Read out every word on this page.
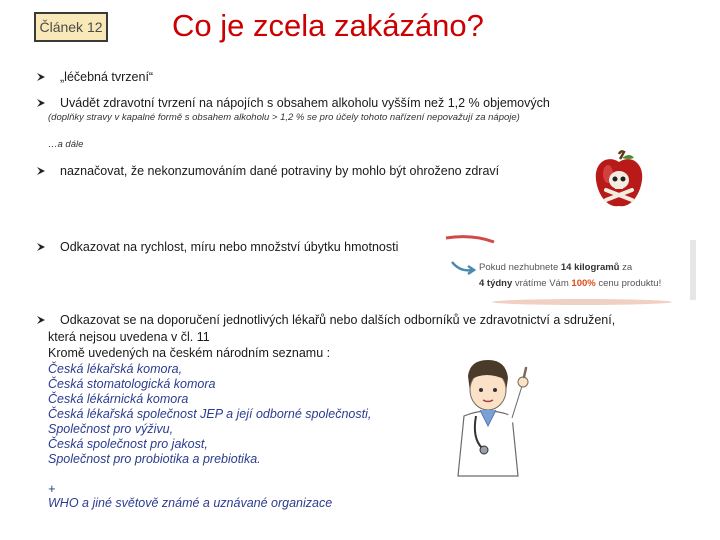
Článek 12 Co je zcela zakázáno?
„léčebná tvrzení“
Uvádět zdravotní tvrzení na nápojích s obsahem alkoholu vyšším než 1,2 % objemových
(doplňky stravy v kapalné formě s obsahem alkoholu > 1,2 % se pro účely tohoto nařízení nepovažují za nápoje)
…a dále
naznačovat, že nekonzumováním dané potraviny by mohlo být ohroženo zdraví
Odkazovat na rychlost, míru nebo množství úbytku hmotnosti
Pokud nezhubnete 14 kilogramů za
4 týdny vrátíme Vám 100% cenu produktu!
Odkazovat se na doporučení jednotlivých lékařů nebo dalších odborníků ve zdravotnictví a sdružení,
která nejsou uvedena v čl. 11
Kromě uvedených na českém národním seznamu :
Česká lékařská komora,
Česká stomatologická komora
Česká lékárnická komora
Česká lékařská společnost JEP a její odborné společnosti,
Společnost pro výživu,
Česká společnost pro jakost,
Společnost pro probiotika a prebiotika.
+
WHO a jiné světově známé a uznávané organizace
